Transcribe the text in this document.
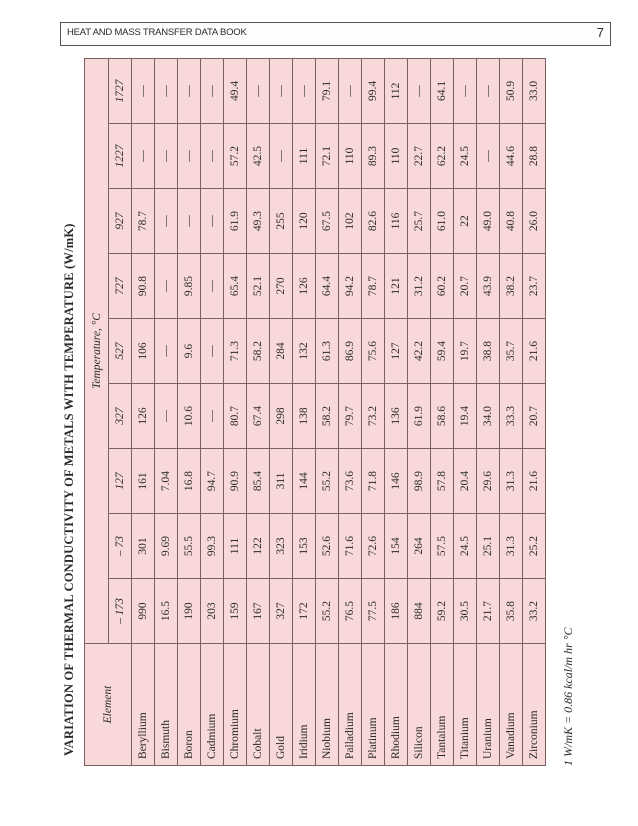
HEAT AND MASS TRANSFER DATA BOOK	7
VARIATION OF THERMAL CONDUCTIVITY OF METALS WITH TEMPERATURE (W/mK) Element	Temperature, °C								
	– 173	– 73	127	327	527	727	927	1227	1727
Beryllium	990	301	161	126	106	90.8	78.7	—	—
Bismuth	16.5	9.69	7.04	—	—	—	—	—	—
Boron	190	55.5	16.8	10.6	9.6	9.85	—	—	—
Cadmium	203	99.3	94.7	—	—	—	—	—	—
Chromium	159	111	90.9	80.7	71.3	65.4	61.9	57.2	49.4
Cobalt	167	122	85.4	67.4	58.2	52.1	49.3	42.5	—
Gold	327	323	311	298	284	270	255	—	—
Iridium	172	153	144	138	132	126	120	111	—
Niobium	55.2	52.6	55.2	58.2	61.3	64.4	67.5	72.1	79.1
Palladium	76.5	71.6	73.6	79.7	86.9	94.2	102	110	—
Platinum	77.5	72.6	71.8	73.2	75.6	78.7	82.6	89.3	99.4
Rhodium	186	154	146	136	127	121	116	110	112
Silicon	884	264	98.9	61.9	42.2	31.2	25.7	22.7	—
Tantalum	59.2	57.5	57.8	58.6	59.4	60.2	61.0	62.2	64.1
Titanium	30.5	24.5	20.4	19.4	19.7	20.7	22	24.5	—
Uranium	21.7	25.1	29.6	34.0	38.8	43.9	49.0	—	—
Vanadium	35.8	31.3	31.3	33.3	35.7	38.2	40.8	44.6	50.9
Zirconium	33.2	25.2	21.6	20.7	21.6	23.7	26.0	28.8	33.0
1 W/mK = 0.86 kcal/m hr °C
